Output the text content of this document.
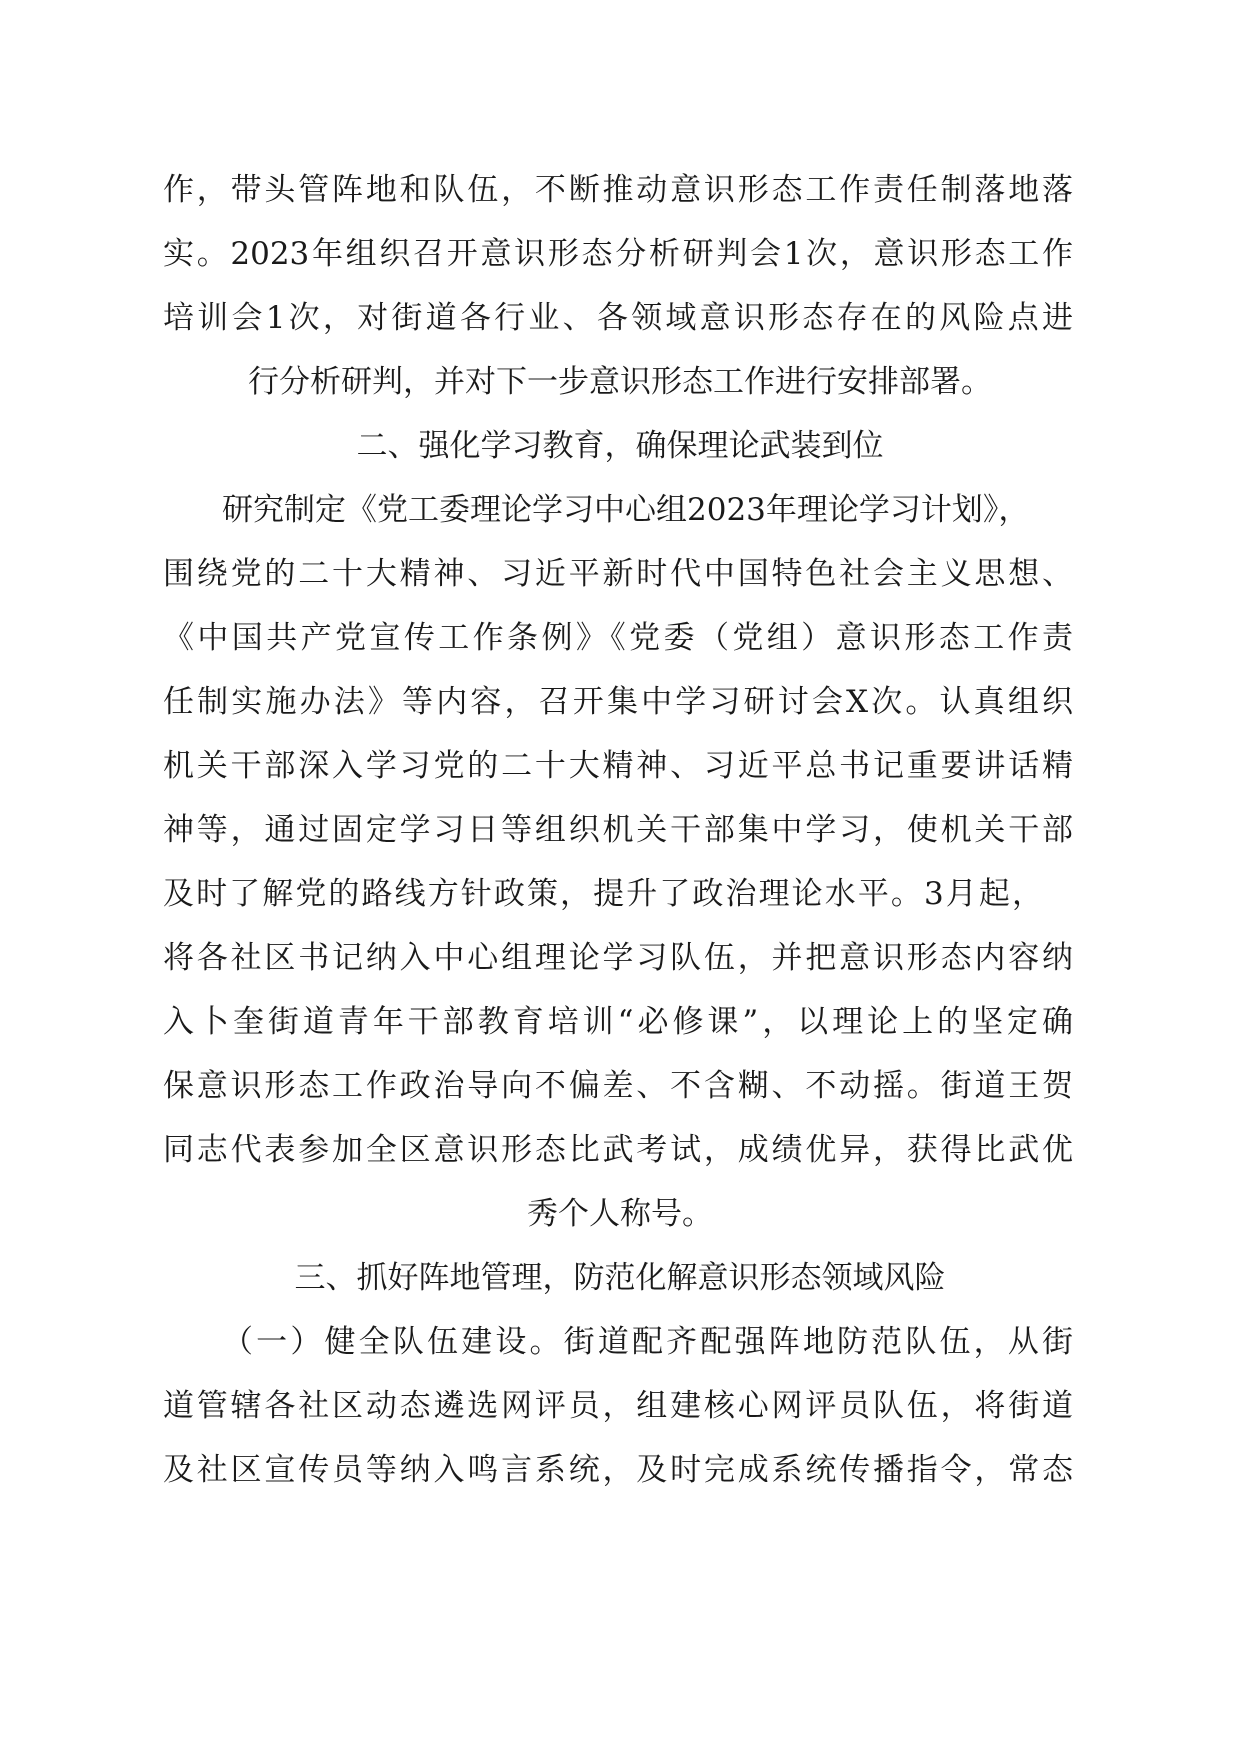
作，带头管阵地和队伍，不断推动意识形态工作责任制落地落
实。2023年组织召开意识形态分析研判会1次，意识形态工作
培训会1次，对街道各行业、各领域意识形态存在的风险点进
行分析研判，并对下一步意识形态工作进行安排部署。
二、强化学习教育，确保理论武装到位
研究制定《党工委理论学习中心组2023年理论学习计划》，
围绕党的二十大精神、习近平新时代中国特色社会主义思想、
《中国共产党宣传工作条例》《党委（党组）意识形态工作责
任制实施办法》等内容，召开集中学习研讨会X次。认真组织
机关干部深入学习党的二十大精神、习近平总书记重要讲话精
神等，通过固定学习日等组织机关干部集中学习，使机关干部
及时了解党的路线方针政策，提升了政治理论水平。3月起，
将各社区书记纳入中心组理论学习队伍，并把意识形态内容纳
入卜奎街道青年干部教育培训“必修课”，以理论上的坚定确
保意识形态工作政治导向不偏差、不含糊、不动摇。街道王贺
同志代表参加全区意识形态比武考试，成绩优异，获得比武优
秀个人称号。
三、抓好阵地管理，防范化解意识形态领域风险
（一）健全队伍建设。街道配齐配强阵地防范队伍，从街
道管辖各社区动态遴选网评员，组建核心网评员队伍，将街道
及社区宣传员等纳入鸣言系统，及时完成系统传播指令，常态
